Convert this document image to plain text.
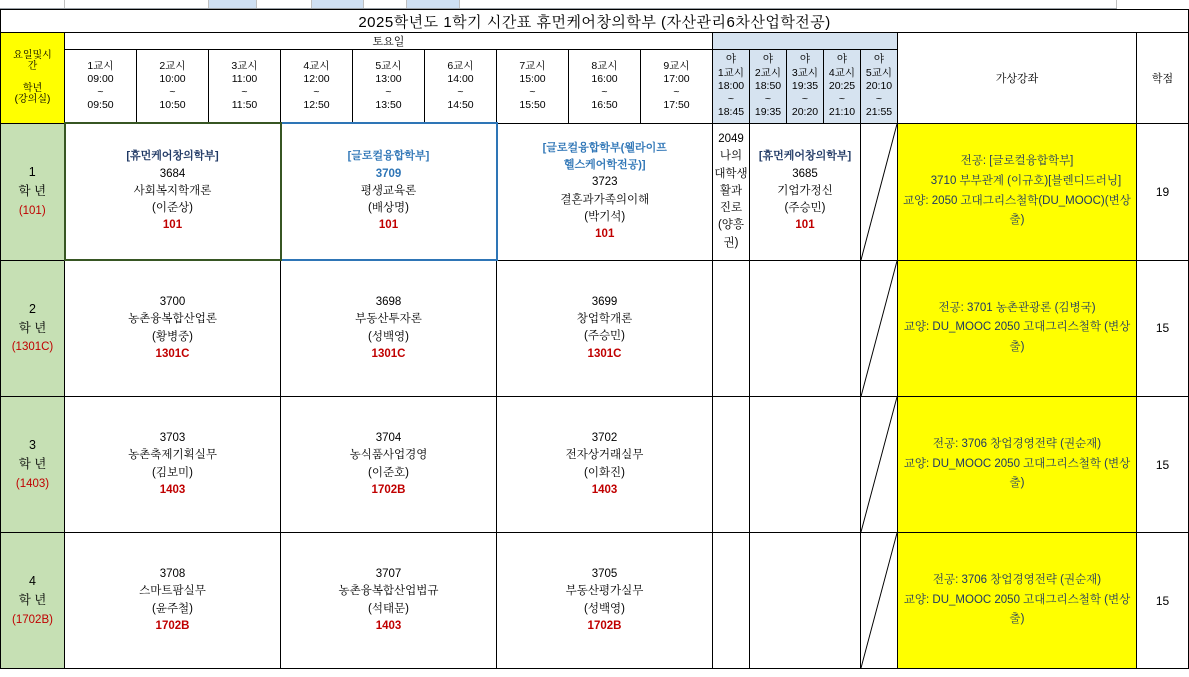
2025학년도 1학기 시간표 휴먼케어창의학부 (자산관리6차산업학전공)																

요일및시
간
학년
(강의실)	토요일														가상강좌	학점
	1교시
09:00
~
09:50	2교시
10:00
~
10:50	3교시
11:00
~
11:50	4교시
12:00
~
12:50	5교시
13:00
~
13:50	6교시
14:00
~
14:50	7교시
15:00
~
15:50	8교시
16:00
~
16:50	9교시
17:00
~
17:50	야
1교시
18:00
~
18:45	야
2교시
18:50
~
19:35	야
3교시
19:35
~
20:20	야
4교시
20:25
~
21:10	야
5교시
20:10
~
21:55		
1
학 년
(101)	[휴먼케어창의학부]
3684
사회복지학개론
(이준상)
101	[글로컬융합학부]
3709
평생교육론
(배상명)
101	[글로컬융합학부(웰라이프
헬스케어학전공)]
3723
결혼과가족의이해
(박기석)
101	2049
나의
대학생활과
진로
(양흥권)	[휴먼케어창의학부]
3685
기업가정신
(주승민)
101	
	전공: [글로컬융합학부]

3710 부부관계 (이규호)[블렌디드러닝]
교양: 2050 고대그리스철학(DU_MOOC)(변상출)	19
2
학 년
(1301C)	3700
농촌융복합산업론
(황병중)
1301C			3698
부동산투자론
(성백영)
1301C			3699
창업학개론
(주승민)
1301C								전공: 3701 농촌관광론 (김병국)
교양: DU_MOOC 2050 고대그리스철학 (변상출)	15
3
학 년
(1403)	3703
농촌축제기획실무
(김보미)
1403			3704
농식품사업경영
(이준호)
1702B			3702
전자상거래실무
(이화진)
1403								전공: 3706 창업경영전략 (권순재)
교양: DU_MOOC 2050 고대그리스철학 (변상출)	15
4
학 년
(1702B)	3708
스마트팜실무
(윤주철)
1702B			3707
농촌융복합산업법규
(석태문)
1403			3705
부동산평가실무
(성백영)
1702B								전공: 3706 창업경영전략 (권순재)
교양: DU_MOOC 2050 고대그리스철학 (변상출)	15
